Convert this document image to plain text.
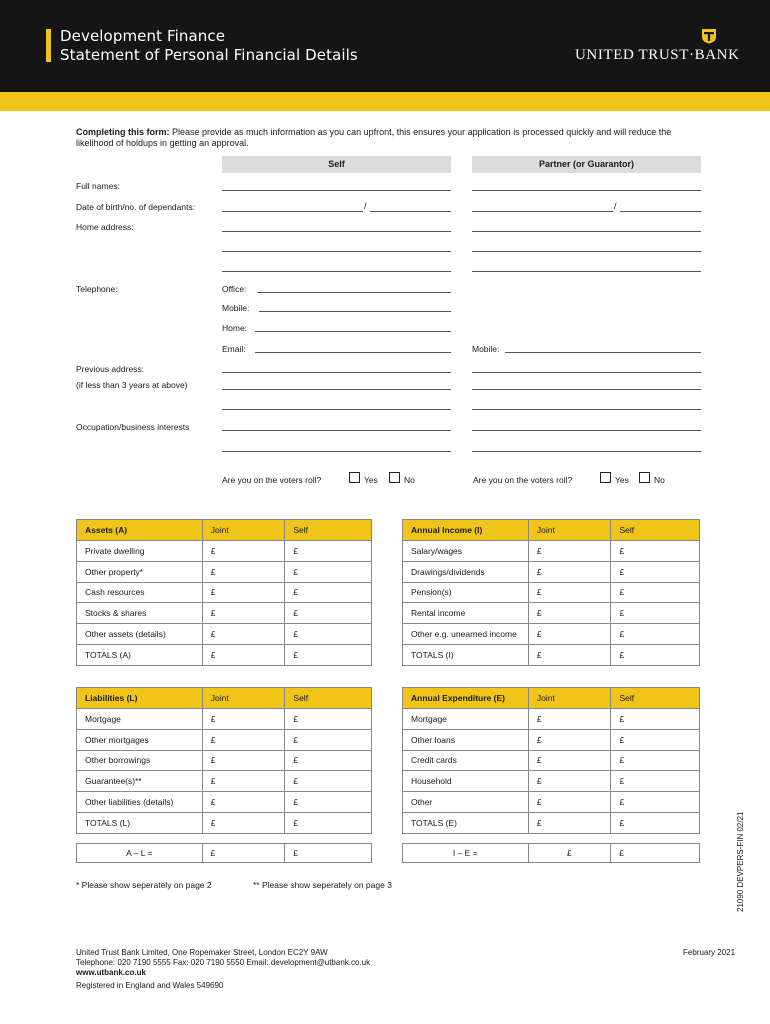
Development Finance
Statement of Personal Financial Details	UNITED TRUST·BANK
Completing this form: Please provide as much information as you can upfront, this ensures your application is processed quickly and will reduce the likelihood of holdups in getting an approval.
Self	Partner (or Guarantor)
Full names:
Date of birth/no. of dependants:	/	/
Home address:
Telephone:	Office:
Mobile:
Home:
Email:	Mobile:
Previous address:
(if less than 3 years at above)
Occupation/business interests
Are you on the voters roll?	Yes	No	Are you on the voters roll?	Yes	No
Assets (A)	Joint	Self
Private dwelling	£	£
Other property*	£	£
Cash resources	£	£
Stocks & shares	£	£
Other assets (details)	£	£
TOTALS (A)	£	£
Annual Income (I)	Joint	Self
Salary/wages	£	£
Drawings/dividends	£	£
Pension(s)	£	£
Rental income	£	£
Other e.g. unearned income	£	£
TOTALS (I)	£	£
Liabilities (L)	Joint	Self
Mortgage	£	£
Other mortgages	£	£
Other borrowings	£	£
Guarantee(s)**	£	£
Other liabilities (details)	£	£
TOTALS (L)	£	£
Annual Expenditure (E)	Joint	Self
Mortgage	£	£
Other loans	£	£
Credit cards	£	£
Household	£	£
Other	£	£
TOTALS (E)	£	£
A – L =	£	£	I – E =	£	£
* Please show seperately on page 2	** Please show seperately on page 3	21090 DEVPERS-FIN 02/21
United Trust Bank Limited, One Ropemaker Street, London EC2Y 9AW
Telephone: 020 7190 5555 Fax: 020 7190 5550 Email: development@utbank.co.uk
www.utbank.co.uk
Registered in England and Wales 549690
February 2021
